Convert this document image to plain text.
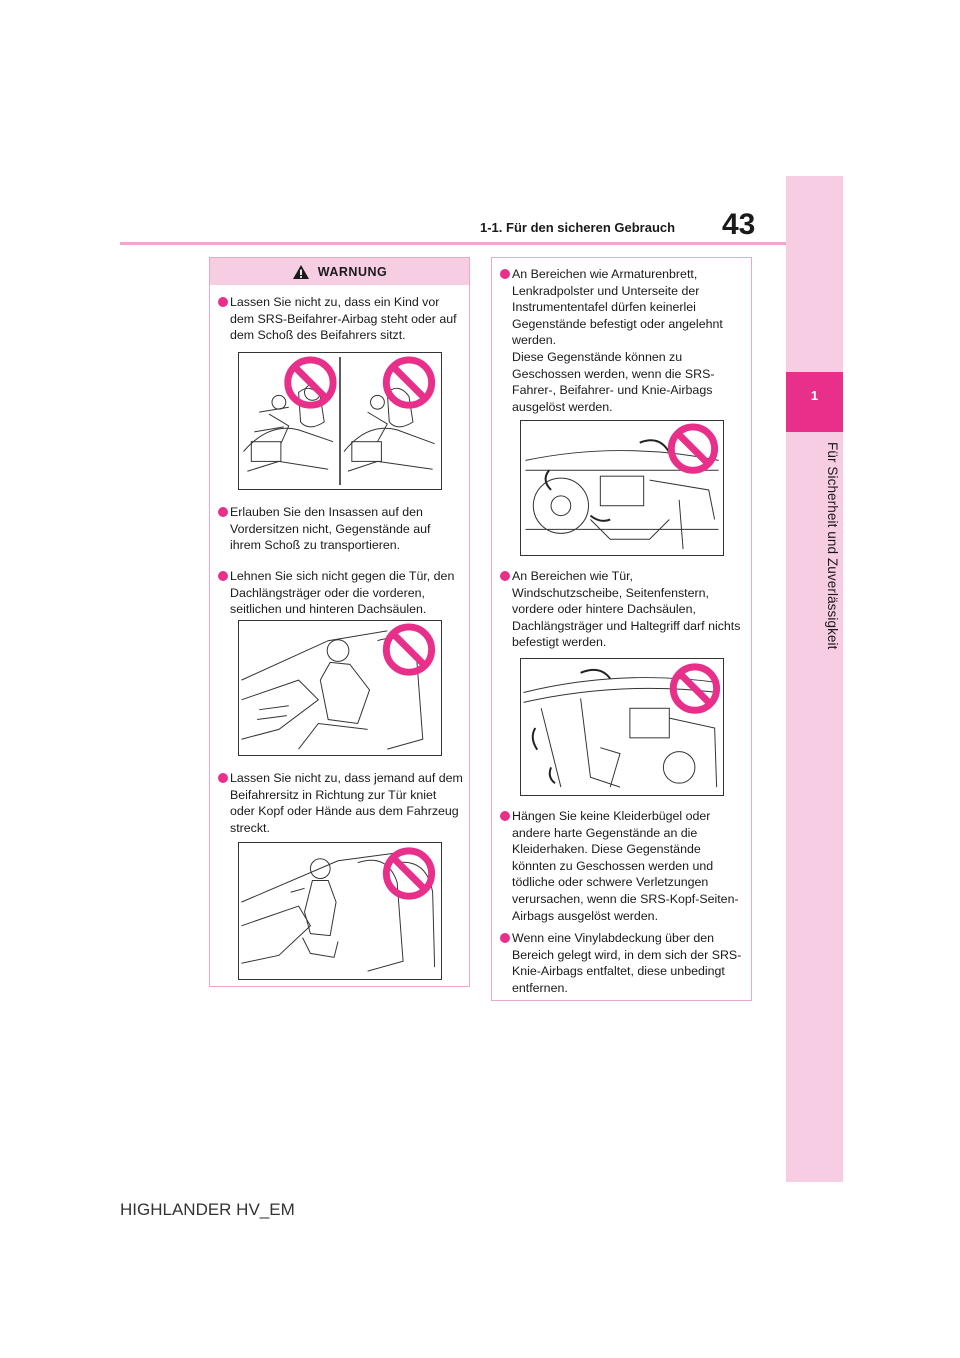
43
1-1. Für den sicheren Gebrauch
1
Für Sicherheit und Zuverlässigkeit
WARNUNG

Lassen Sie nicht zu, dass ein Kind vor dem SRS-Beifahrer-Airbag steht oder auf dem Schoß des Beifahrers sitzt.

Erlauben Sie den Insassen auf den Vordersitzen nicht, Gegenstände auf ihrem Schoß zu transportieren.

Lehnen Sie sich nicht gegen die Tür, den Dachlängsträger oder die vorderen, seitlichen und hinteren Dachsäulen.

Lassen Sie nicht zu, dass jemand auf dem Beifahrersitz in Richtung zur Tür kniet oder Kopf oder Hände aus dem Fahrzeug streckt.

An Bereichen wie Armaturenbrett, Lenkradpolster und Unterseite der Instrumententafel dürfen keinerlei Gegenstände befestigt oder angelehnt werden.

Diese Gegenstände können zu Geschossen werden, wenn die SRS-Fahrer-, Beifahrer- und Knie-Airbags ausgelöst werden.

An Bereichen wie Tür, Windschutzscheibe, Seitenfenstern, vordere oder hintere Dachsäulen, Dachlängsträger und Haltegriff darf nichts befestigt werden.

Hängen Sie keine Kleiderbügel oder andere harte Gegenstände an die Kleiderhaken. Diese Gegenstände könnten zu Geschossen werden und tödliche oder schwere Verletzungen verursachen, wenn die SRS-Kopf-Seiten-Airbags ausgelöst werden.

Wenn eine Vinylabdeckung über den Bereich gelegt wird, in dem sich der SRS-Knie-Airbags entfaltet, diese unbedingt entfernen.

HIGHLANDER HV_EM
